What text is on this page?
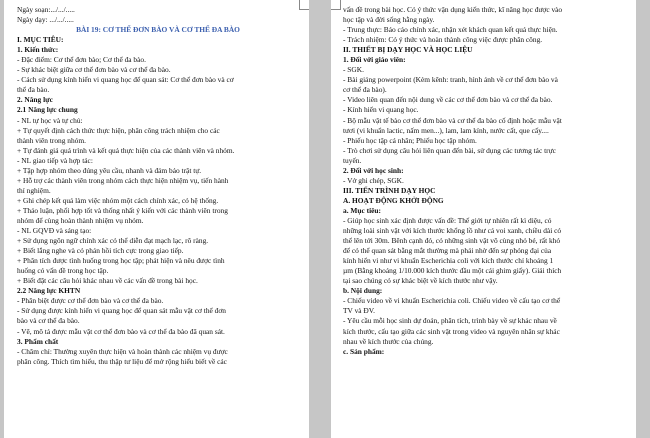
Ngày soạn:.../.../.....
Ngày dạy: .../.../.....
BÀI 19: CƠ THỂ ĐƠN BÀO VÀ CƠ THỂ ĐA BÀO
I. MỤC TIÊU:
1. Kiến thức:
- Đặc điểm: Cơ thể đơn bào; Cơ thể đa bào.
- Sự khác biệt giữa cơ thể đơn bào và cơ thể đa bào.
- Cách sử dụng kính hiển vi quang học để quan sát: Cơ thể đơn bào và cơ
thể đa bào.
2. Năng lực
2.1 Năng lực chung
- NL tự học và tự chủ:
+ Tự quyết định cách thức thực hiện, phân công trách nhiệm cho các
thành viên trong nhóm.
+ Tự đánh giá quá trình và kết quả thực hiện của các thành viên và nhóm.
- NL giao tiếp và hợp tác:
+ Tập hợp nhóm theo đúng yêu cầu, nhanh và đảm bảo trật tự.
+ Hỗ trợ các thành viên trong nhóm cách thực hiện nhiệm vụ, tiến hành
thí nghiệm.
+ Ghi chép kết quả làm việc nhóm một cách chính xác, có hệ thống.
+ Thảo luận, phối hợp tốt và thống nhất ý kiến với các thành viên trong
nhóm để cùng hoàn thành nhiệm vụ nhóm.
- NL GQVĐ và sáng tạo:
+ Sử dụng ngôn ngữ chính xác có thể diễn đạt mạch lạc, rõ ràng.
+ Biết lắng nghe và có phản hồi tích cực trong giao tiếp.
+ Phân tích được tình huống trong học tập; phát hiện và nêu được tình
huống có vấn đề trong học tập.
+ Biết đặt các câu hỏi khác nhau về các vấn đề trong bài học.
2.2 Năng lực KHTN
- Phân biệt được cơ thể đơn bào và cơ thể đa bào.
- Sử dụng được kính hiển vi quang học để quan sát mẫu vật cơ thể đơn
bào và cơ thể đa bào.
- Vẽ, mô tả được mẫu vật cơ thể đơn bào và cơ thể đa bào đã quan sát.
3. Phẩm chất
- Chăm chỉ: Thường xuyên thực hiện và hoàn thành các nhiệm vụ được
phân công. Thích tìm hiểu, thu thập tư liệu để mở rộng hiểu biết về các
vấn đề trong bài học. Có ý thức vận dụng kiến thức, kĩ năng học được vào
học tập và đời sống hằng ngày.
- Trung thực: Báo cáo chính xác, nhận xét khách quan kết quả thực hiện.
- Trách nhiệm: Có ý thức và hoàn thành công việc được phân công.
II. THIẾT BỊ DẠY HỌC VÀ HỌC LIỆU
1. Đối với giáo viên:
- SGK.
- Bài giảng powerpoint (Kèm kênh: tranh, hình ảnh về cơ thể đơn bào và
cơ thể đa bào).
- Video liên quan đến nội dung về các cơ thể đơn bào và cơ thể đa bào.
- Kính hiển vi quang học.
- Bộ mẫu vật tế bào cơ thể đơn bào và cơ thể đa bào cố định hoặc mẫu vật
tươi (vi khuẩn lactic, nấm men...), lam, lam kính, nước cất, que cấy....
- Phiếu học tập cá nhân; Phiếu học tập nhóm.
- Trò chơi sử dụng câu hỏi liên quan đến bài, sử dụng các tương tác trực
tuyến.
2. Đối với học sinh:
- Vở ghi chép, SGK.
III. TIẾN TRÌNH DẠY HỌC
A. HOẠT ĐỘNG KHỞI ĐỘNG
a. Mục tiêu:
- Giúp học sinh xác định được vấn đề: Thế giới tự nhiên rất kì diệu, có
những loài sinh vật với kích thước khổng lồ như cá voi xanh, chiều dài có
thể lên tới 30m. Bênh cạnh đó, có những sinh vật vô cùng nhỏ bé, rất khó
để có thể quan sát bằng mắt thường mà phải nhờ đến sự phóng đại của
kính hiển vi như vi khuẩn Escherichia coli với kích thước chỉ khoảng 1
µm (Bằng khoảng 1/10.000 kích thước đầu một cái ghim giấy). Giải thích
tại sao chúng có sự khác biệt về kích thước như vậy.
b. Nội dung:
- Chiếu video về vi khuẩn Escherichia coli. Chiếu video về cấu tạo cơ thể
TV và ĐV.
- Yêu cầu mỗi học sinh dự đoán, phân tích, trình bày về sự khác nhau về
kích thước, cấu tạo giữa các sinh vật trong video và nguyên nhân sự khác
nhau về kích thước của chúng.
c. Sản phẩm:
